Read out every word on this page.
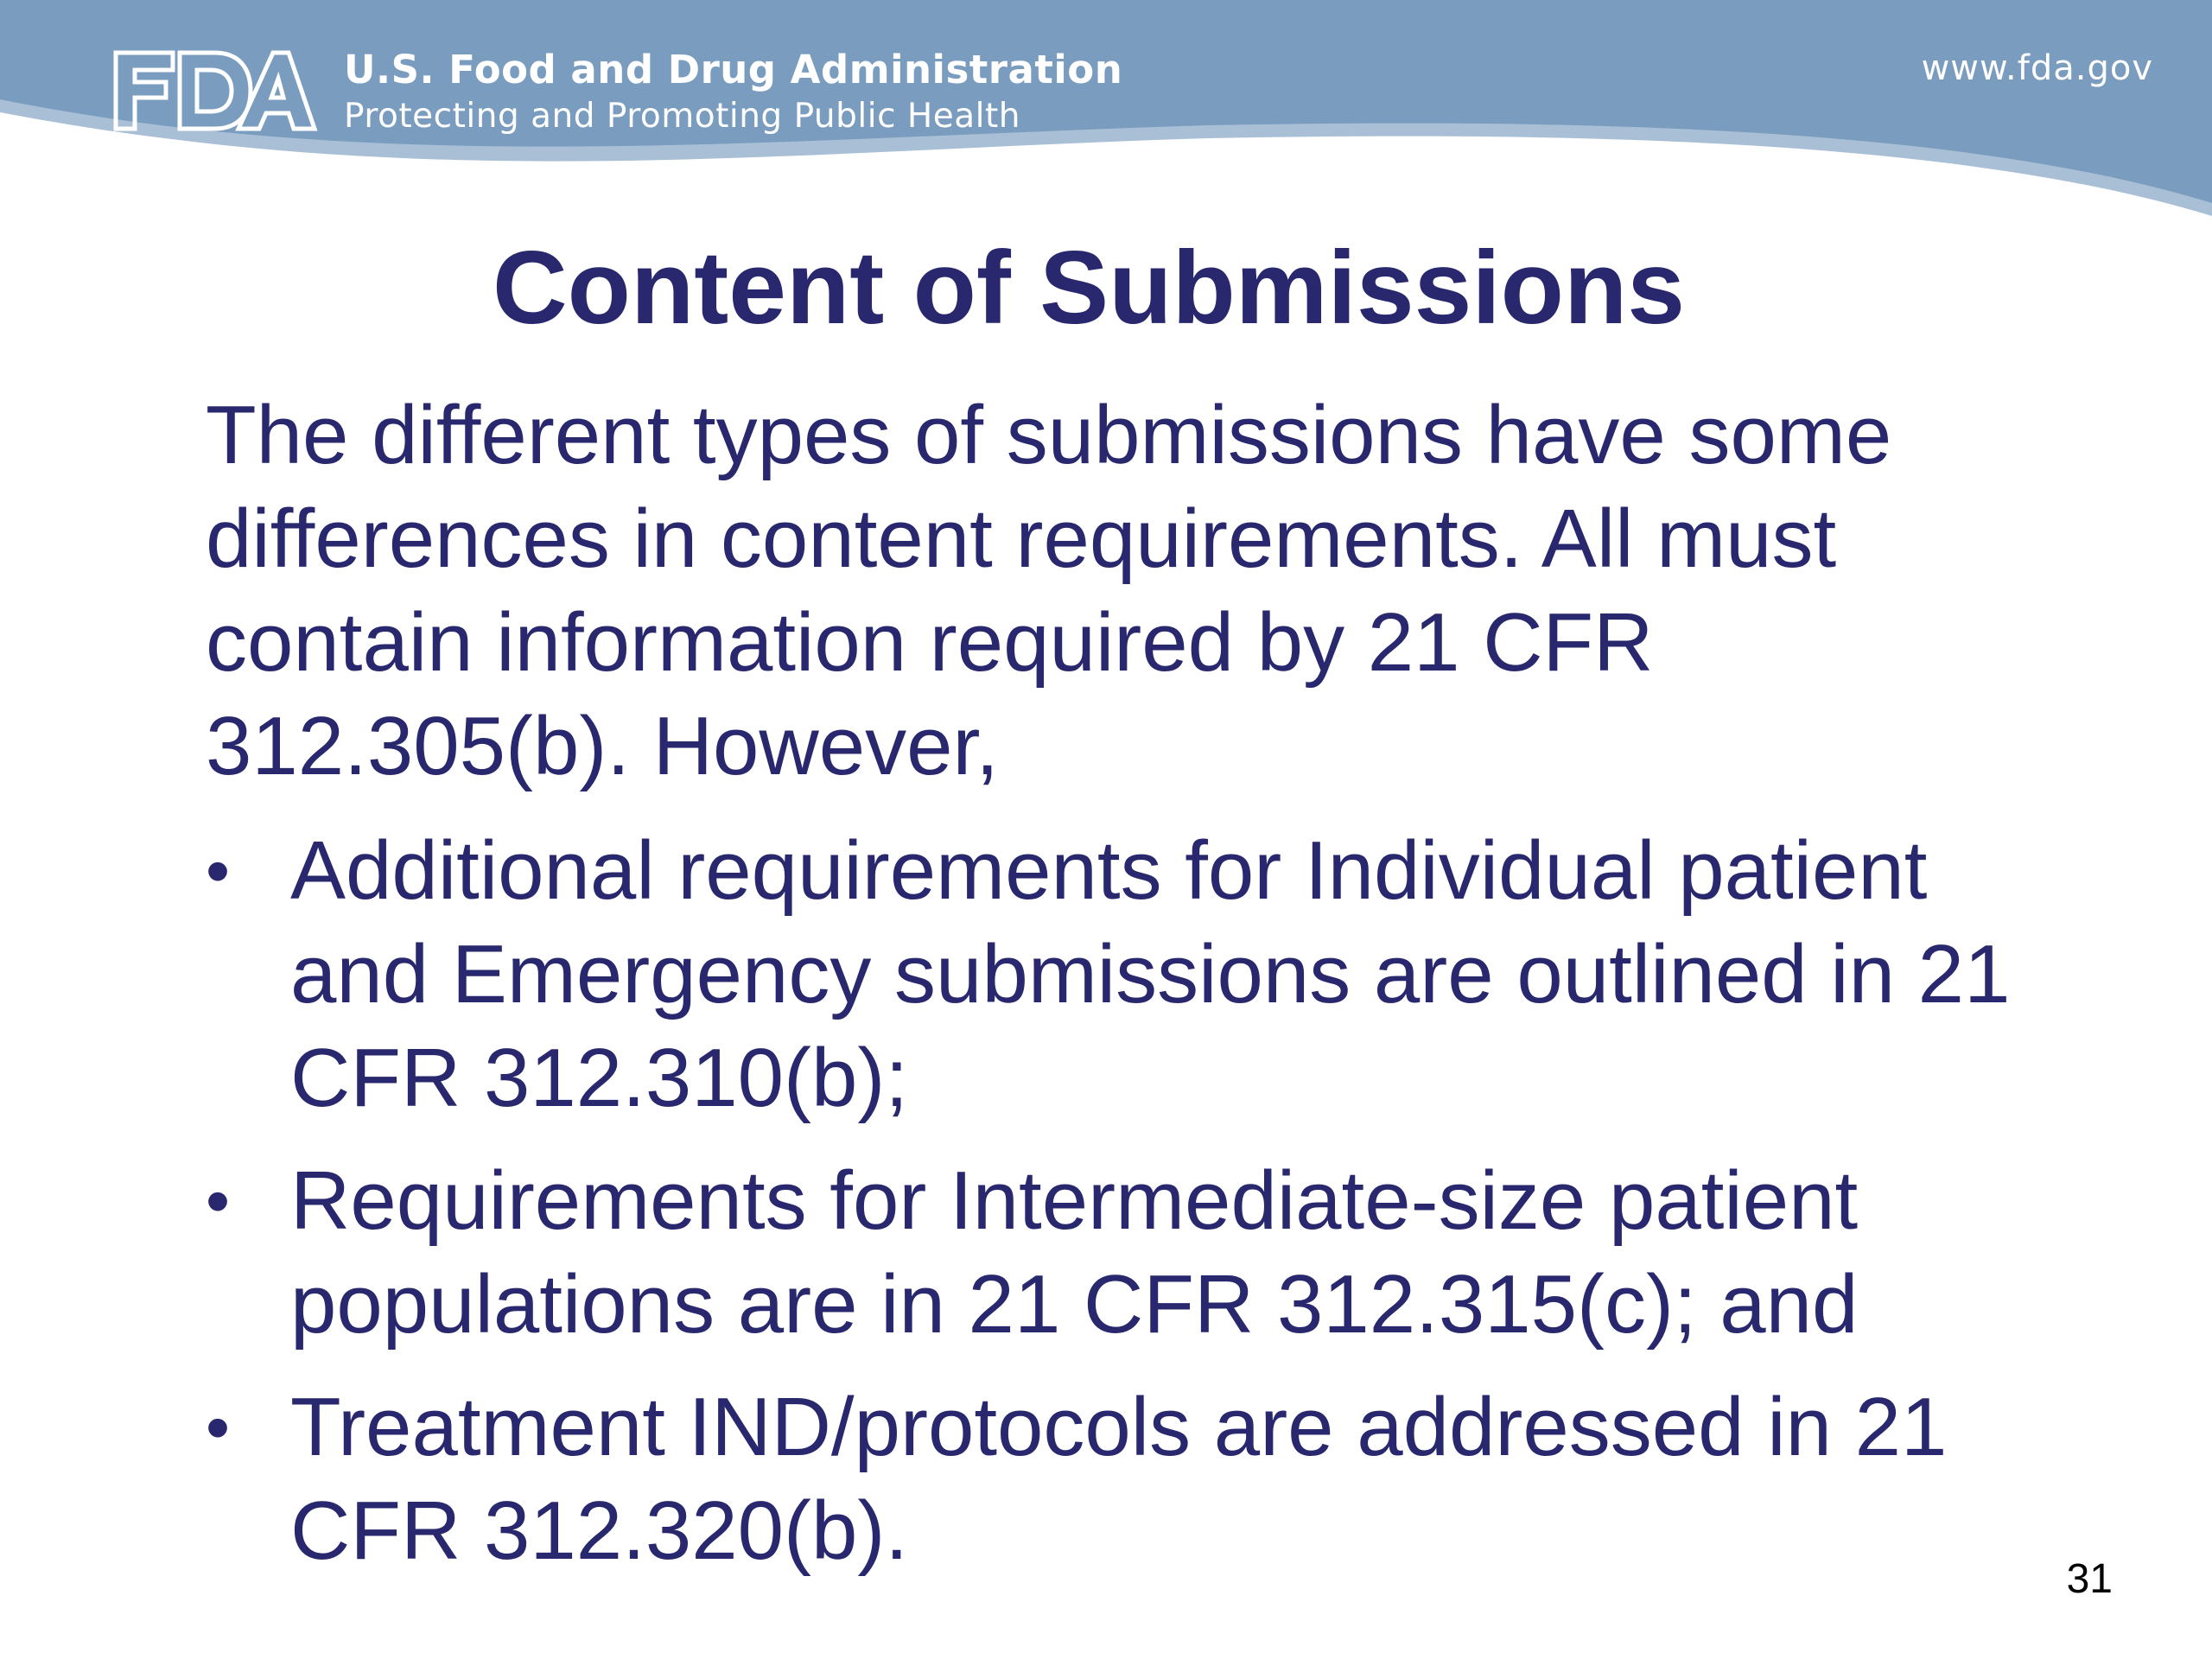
U.S. Food and Drug Administration
Protecting and Promoting Public Health
www.fda.gov
Content of Submissions

The different types of submissions have some
differences in content requirements. All must
contain information required by 21 CFR
312.305(b). However,

• Additional requirements for Individual patient
and Emergency submissions are outlined in 21
CFR 312.310(b);
• Requirements for Intermediate-size patient
populations are in 21 CFR 312.315(c); and
• Treatment IND/protocols are addressed in 21
CFR 312.320(b).
31
